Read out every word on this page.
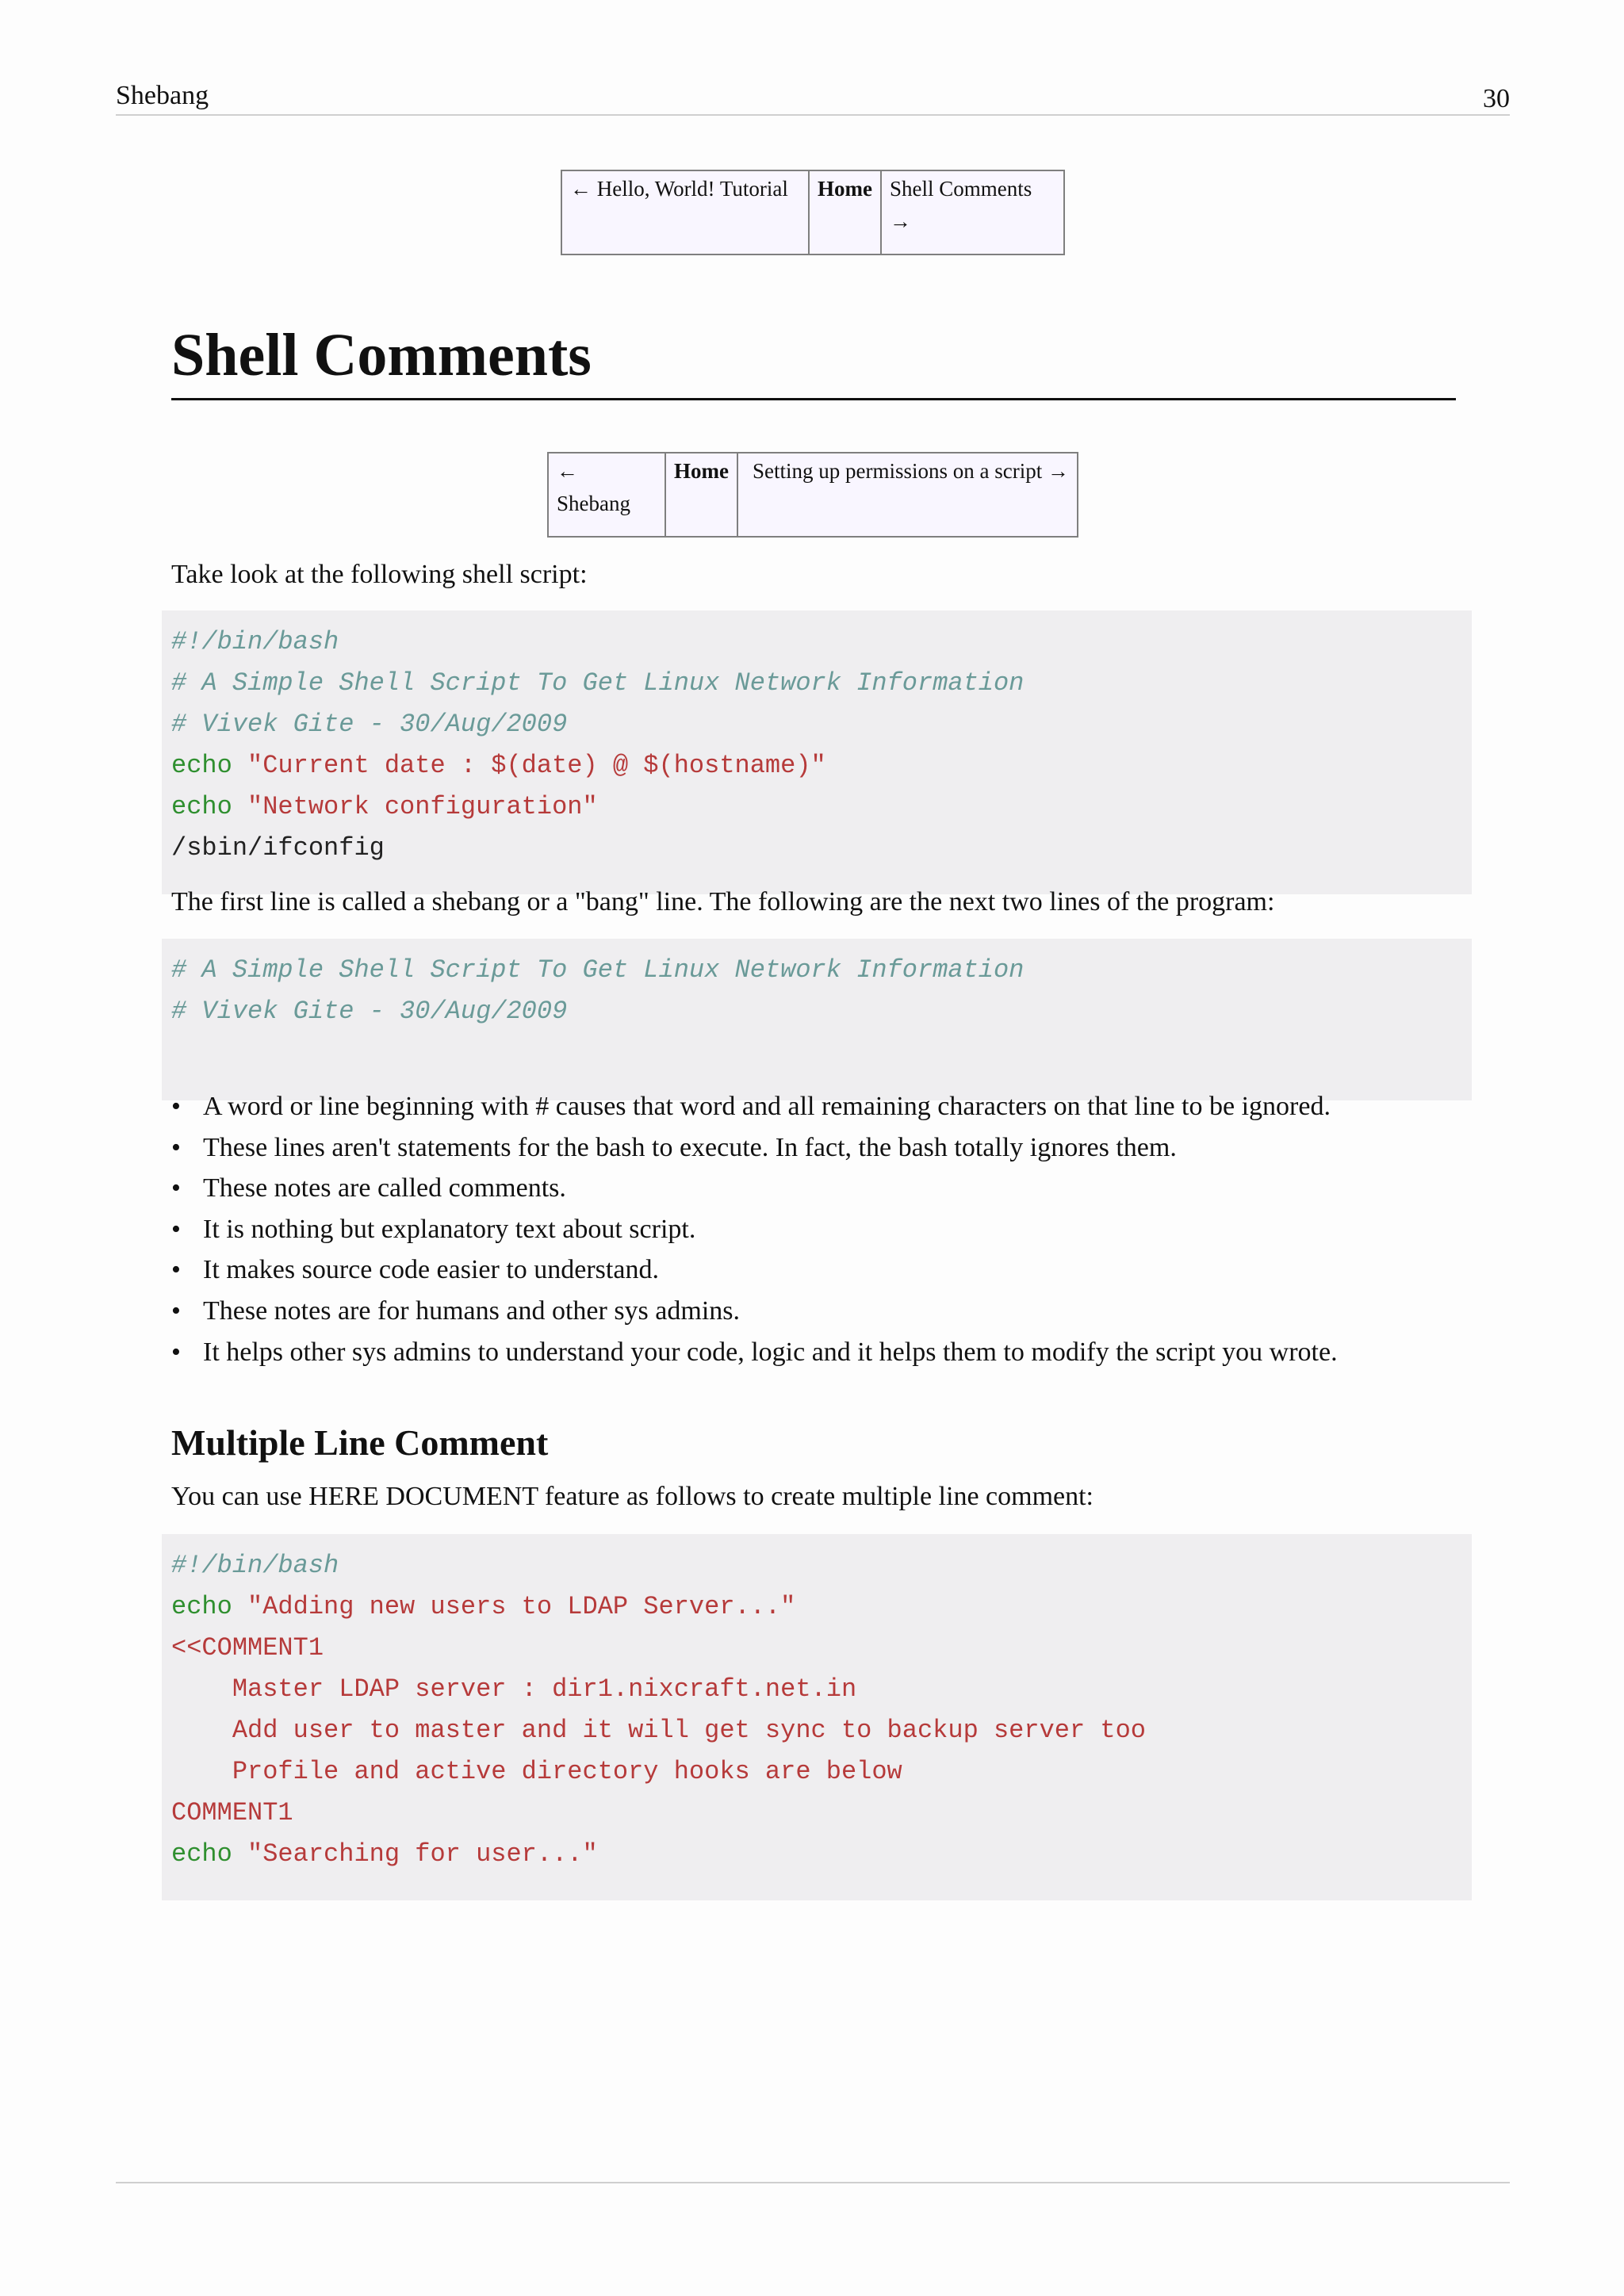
Shebang	30
← Hello, World! Tutorial	Home	Shell Comments →
Shell Comments
← Shebang	Home	Setting up permissions on a script →

Take look at the following shell script:

#!/bin/bash
# A Simple Shell Script To Get Linux Network Information
# Vivek Gite - 30/Aug/2009
echo "Current date : $(date) @ $(hostname)"
echo "Network configuration"
/sbin/ifconfig

The first line is called a shebang or a "bang" line. The following are the next two lines of the program:

# A Simple Shell Script To Get Linux Network Information
# Vivek Gite - 30/Aug/2009
• A word or line beginning with # causes that word and all remaining characters on that line to be ignored.
• These lines aren't statements for the bash to execute. In fact, the bash totally ignores them.
• These notes are called comments.
• It is nothing but explanatory text about script.
• It makes source code easier to understand.
• These notes are for humans and other sys admins.
• It helps other sys admins to understand your code, logic and it helps them to modify the script you wrote.
Multiple Line Comment

You can use HERE DOCUMENT feature as follows to create multiple line comment:

#!/bin/bash
echo "Adding new users to LDAP Server..."
<<COMMENT1
Master LDAP server : dir1.nixcraft.net.in
Add user to master and it will get sync to backup server too
Profile and active directory hooks are below
COMMENT1
echo "Searching for user..."
